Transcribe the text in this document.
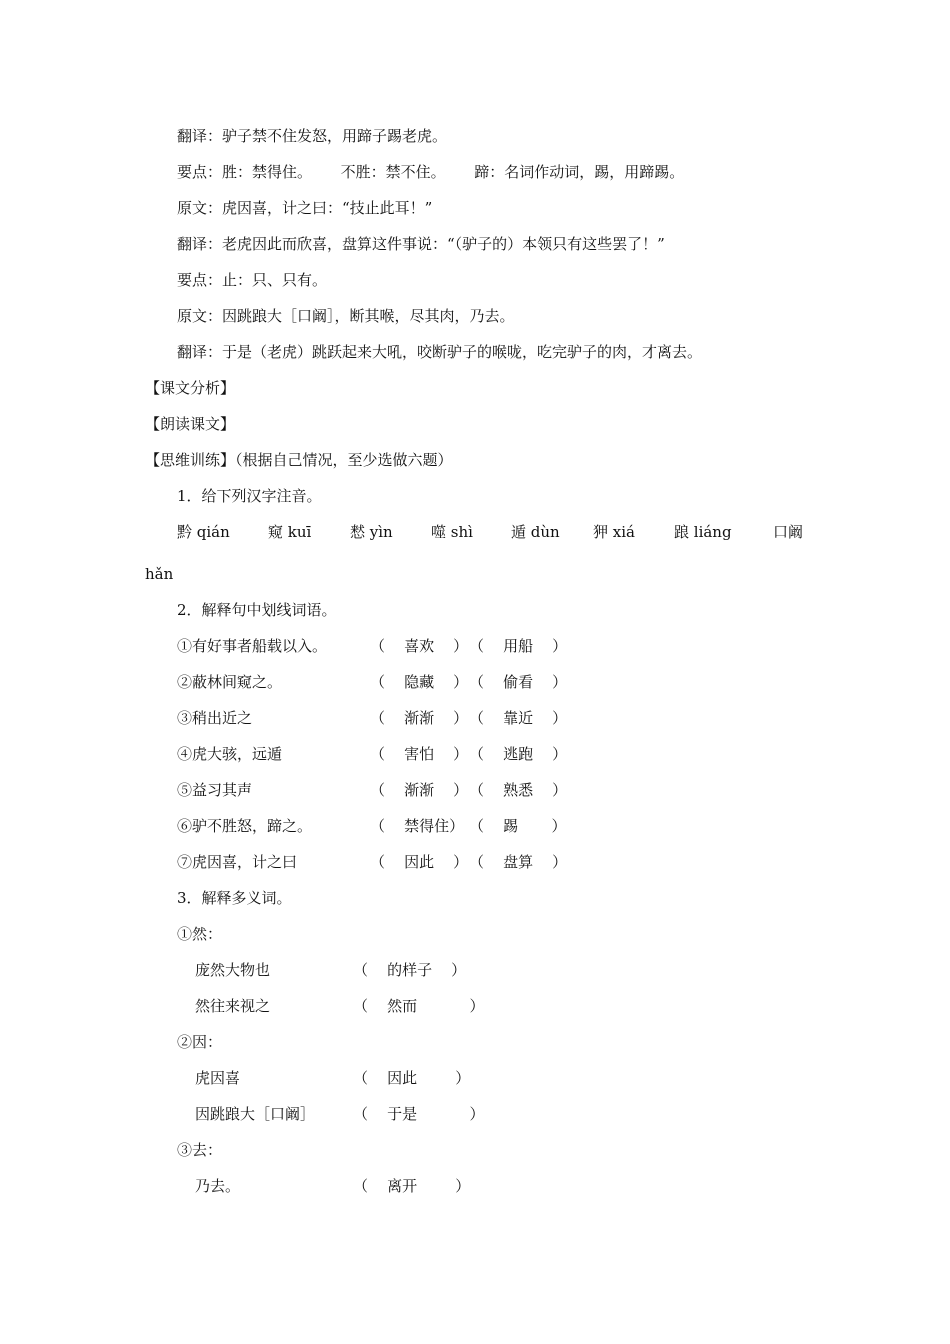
翻译：驴子禁不住发怒，用蹄子踢老虎。
要点：胜：禁得住。      不胜：禁不住。      蹄：名词作动词，踢，用蹄踢。
原文：虎因喜，计之曰：“技止此耳！”
翻译：老虎因此而欣喜，盘算这件事说：“（驴子的）本领只有这些罢了！”
要点：止：只、只有。
原文：因跳踉大［口阚］，断其喉，尽其肉，乃去。
翻译：于是（老虎）跳跃起来大吼，咬断驴子的喉咙，吃完驴子的肉，才离去。
【课文分析】
【朗读课文】
【思维训练】（根据自己情况，至少选做六题）
1．给下列汉字注音。
黔 qián	窥 kuī	慭 yìn	噬 shì	遁 dùn 狎 xiá	踉 liáng	口阚
hǎn
2．解释句中划线词语。
①有好事者船载以入。	（    喜欢    ） （    用船    ）
②蔽林间窥之。	（    隐藏    ） （    偷看    ）
③稍出近之	（    渐渐    ） （    靠近    ）
④虎大骇，远遁	（    害怕    ） （    逃跑    ）
⑤益习其声	（    渐渐    ） （    熟悉    ）
⑥驴不胜怒，蹄之。	（    禁得住） （    踢       ）
⑦虎因喜，计之曰	（    因此    ） （    盘算    ）
3．解释多义词。
①然：
庞然大物也	（    的样子    ）
然往来视之	（    然而           ）
②因：
虎因喜	（    因此        ）
因跳踉大［口阚］	（    于是           ）
③去：
乃去。	（    离开        ）
